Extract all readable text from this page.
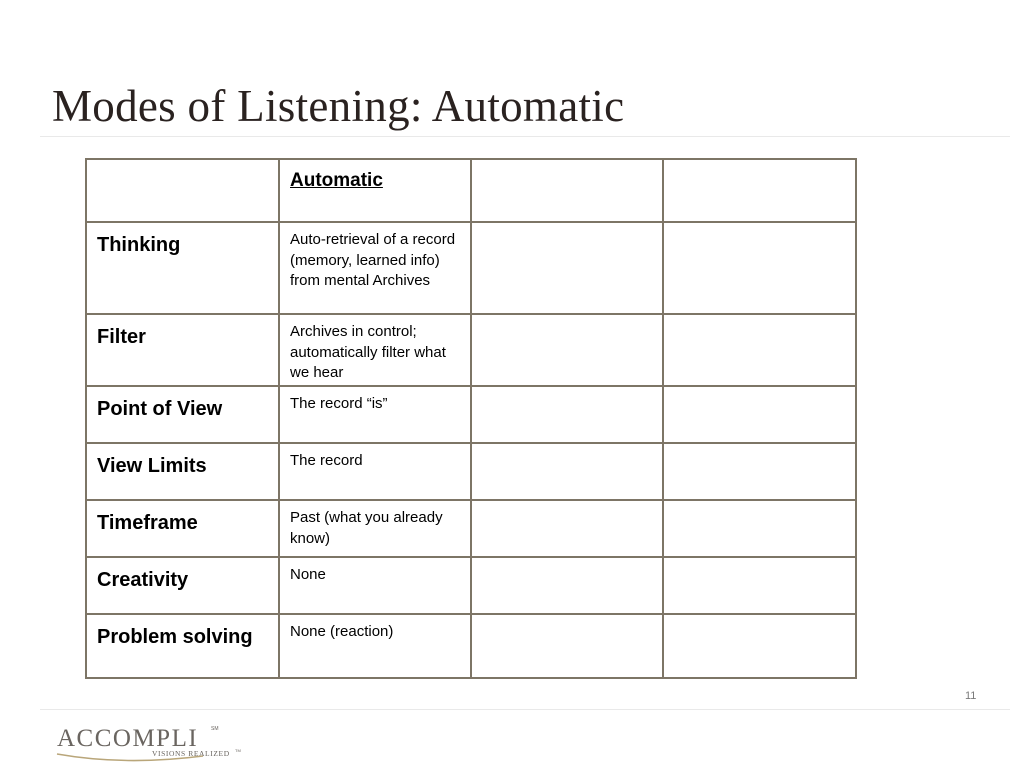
Modes of Listening: Automatic
	Automatic		
Thinking	Auto-retrieval of a record (memory, learned info) from mental Archives		
Filter	Archives in control; automatically filter what we hear		
Point of View	The record “is”		
View Limits	The record		
Timeframe	Past (what you already know)		
Creativity	None		
Problem solving	None (reaction)		
11
ACCOMPLI	SM
VISIONS REALIZED TM
